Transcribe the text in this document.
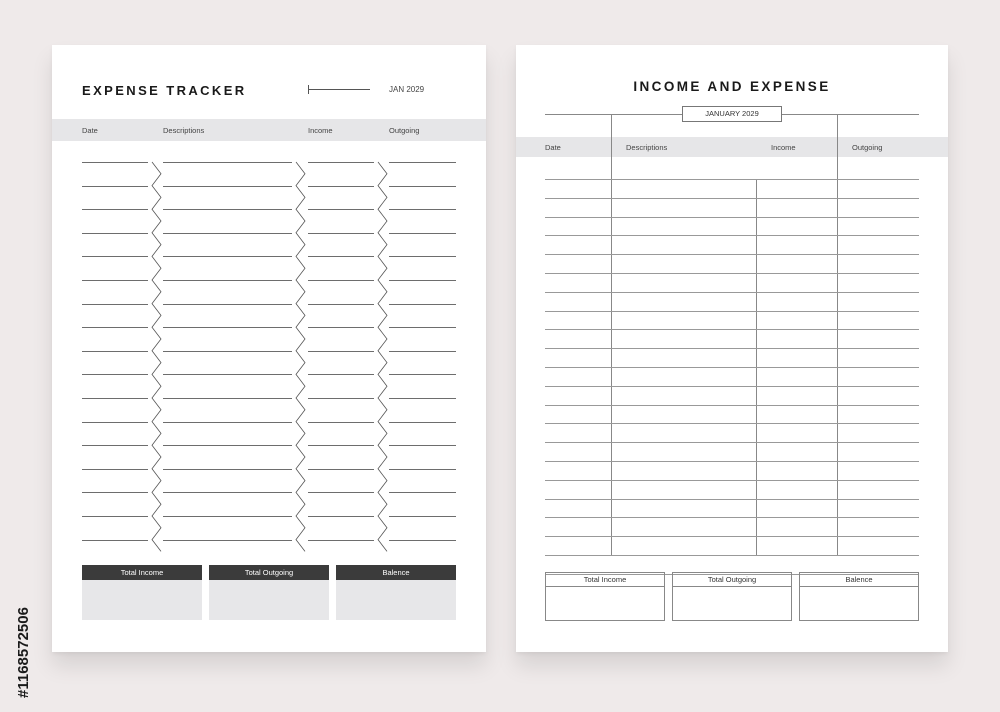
EXPENSE TRACKER	JAN 2029
Date	Descriptions	Income	Outgoing
Total Income	Total Outgoing	Balence
INCOME AND EXPENSE
JANUARY 2029
Date	Descriptions	Income	Outgoing
Total Income	Total Outgoing	Balence
#1168572506
